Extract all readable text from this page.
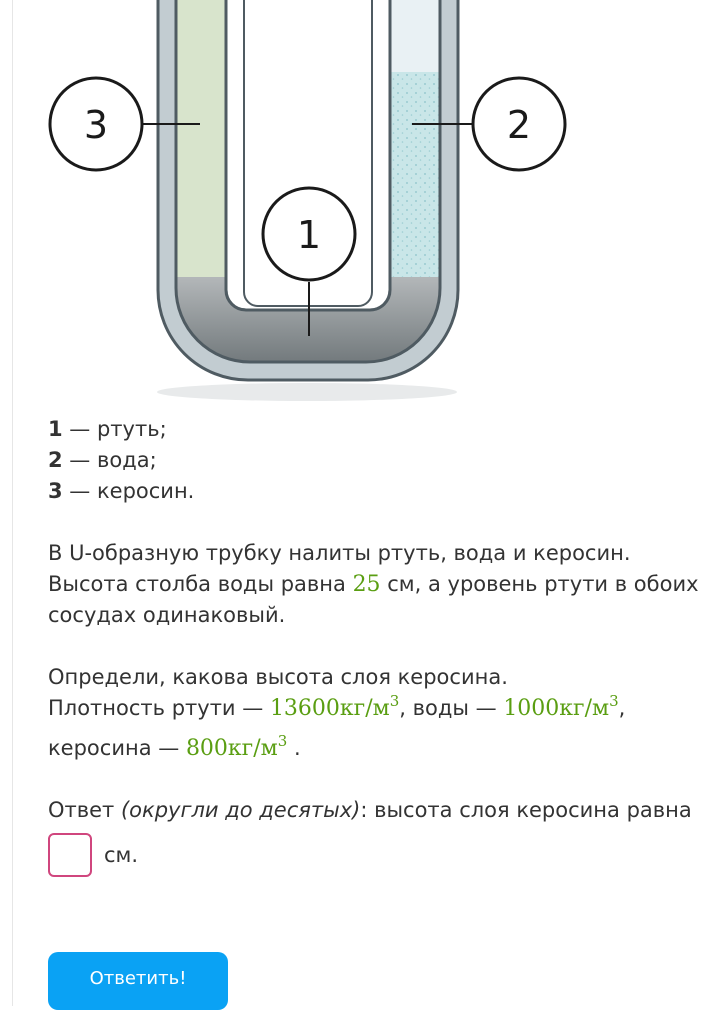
3	2
1
1 — ртуть;
2 — вода;
3 — керосин.
В U-образную трубку налиты ртуть, вода и керосин.
Высота столба воды равна 25 см, а уровень ртути в обоих
сосудах одинаковый.
Определи, какова высота слоя керосина.
Плотность ртути — $13600кг/м^3$, воды — $1000кг/м^3$,
керосина — $800кг/м^3$ .
Ответ (округли до десятых): высота слоя керосина равна
см.
Ответить!
